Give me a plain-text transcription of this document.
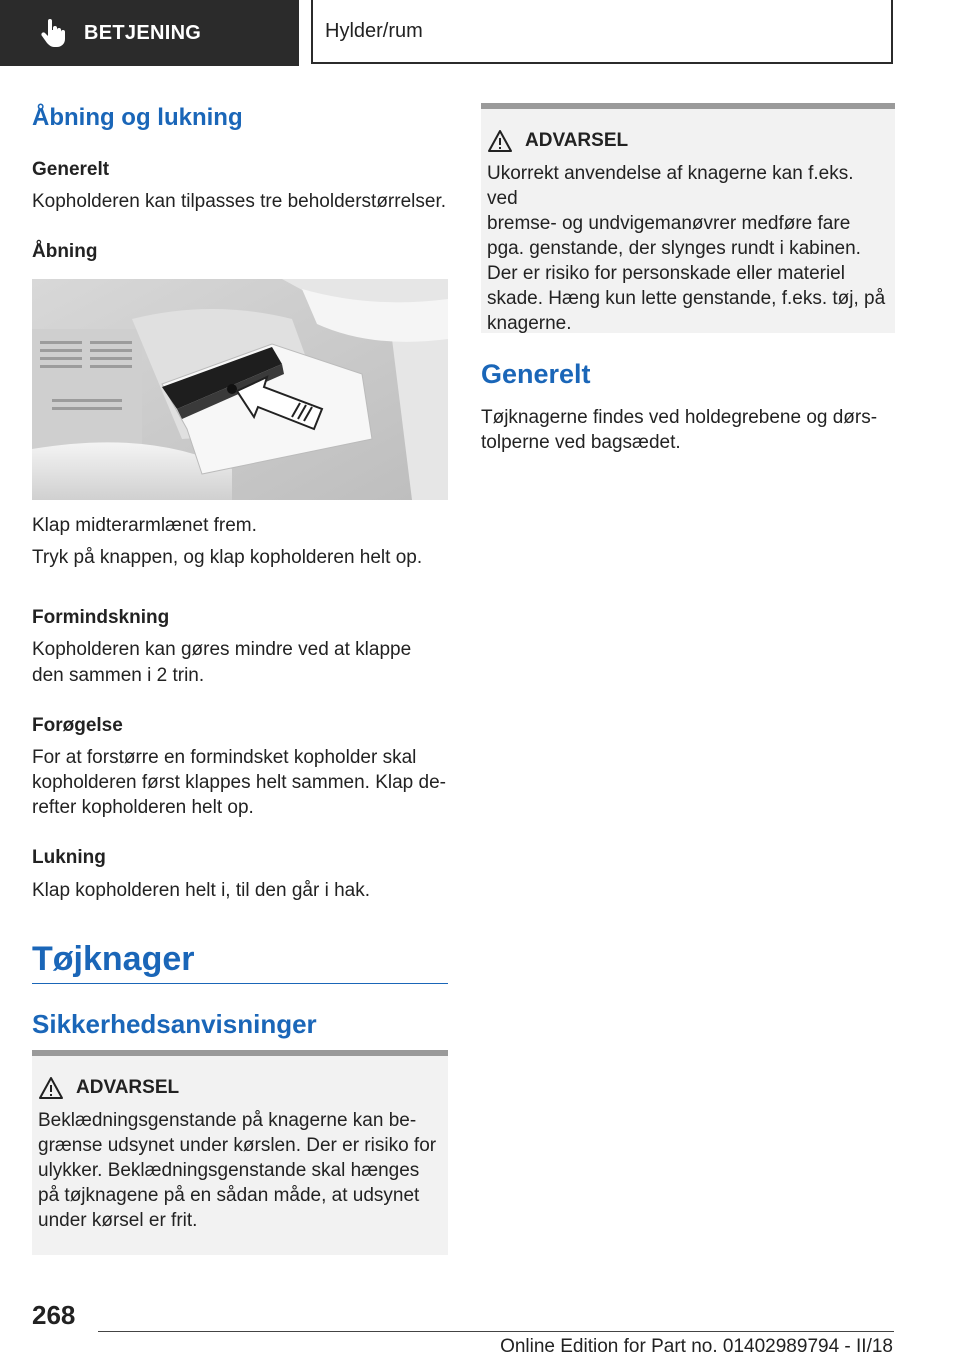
BETJENING	Hylder/rum
Åbning og lukning
Generelt
Kopholderen kan tilpasses tre beholderstørrelser.
Åbning
Klap midterarmlænet frem.
Tryk på knappen, og klap kopholderen helt op.
Formindskning
Kopholderen kan gøres mindre ved at klappe
den sammen i 2 trin.
Forøgelse
For at forstørre en formindsket kopholder skal
kopholderen først klappes helt sammen. Klap de-
refter kopholderen helt op.
Lukning
Klap kopholderen helt i, til den går i hak.
Tøjknager
Sikkerhedsanvisninger
ADVARSEL
Beklædningsgenstande på knagerne kan be-
grænse udsynet under kørslen. Der er risiko for
ulykker. Beklædningsgenstande skal hænges
på tøjknagene på en sådan måde, at udsynet
under kørsel er frit.
ADVARSEL
Ukorrekt anvendelse af knagerne kan f.eks. ved
bremse- og undvigemanøvrer medføre fare
pga. genstande, der slynges rundt i kabinen.
Der er risiko for personskade eller materiel
skade. Hæng kun lette genstande, f.eks. tøj, på
knagerne.
Generelt
Tøjknagerne findes ved holdegrebene og dørs-
tolperne ved bagsædet.
268
Online Edition for Part no. 01402989794 - II/18
